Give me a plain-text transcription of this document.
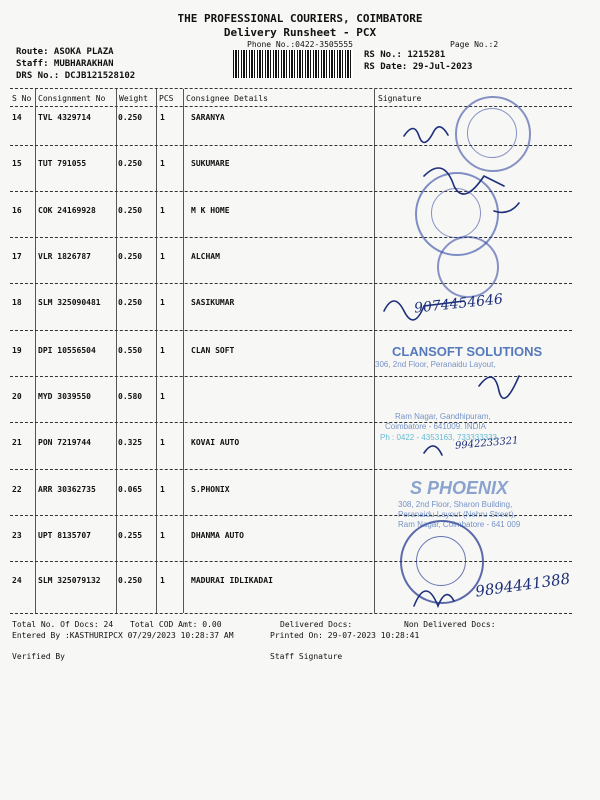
THE PROFESSIONAL COURIERS, COIMBATORE
Delivery Runsheet - PCX
Phone No.:0422-3505555	Page No.:2
Route: ASOKA PLAZA
Staff: MUBHARAKHAN
DRS No.: DCJB121528102
RS No.: 1215281
RS Date: 29-Jul-2023
S No Consignment No Weight PCS Consignee Details	Signature
14 TVL 4329714	0.250 1	SARANYA
15 TUT 791055	0.250 1	SUKUMARE
16 COK 24169928	0.250 1	M K HOME
17 VLR 1826787	0.250 1	ALCHAM
18 SLM 325090481 0.250 1	SASIKUMAR
19 DPI 10556504	0.550 1	CLAN SOFT
20 MYD 3039550	0.580 1
21 PON 7219744	0.325 1	KOVAI AUTO
22 ARR 30362735	0.065 1	S.PHONIX
23 UPT 8135707	0.255 1	DHANMA AUTO
24 SLM 325079132 0.250 1	MADURAI IDLIKADAI
CLANSOFT SOLUTIONS
306, 2nd Floor, Peranaidu Layout,
Ram Nagar, Gandhipuram,
Coimbatore - 641009. INDIA
Ph : 0422 - 4353163, 733333333
S PHOENIX
308, 2nd Floor, Sharon Building,
Peranaidu Layout (Nehru Street),
Ram Nagar, Coimbatore - 641 009
9074454646
9942233321
9894441388
Total No. Of Docs: 24 Total COD Amt: 0.00	Delivered Docs:	Non Delivered Docs:
Entered By :KASTHURIPCX 07/29/2023 10:28:37 AM	Printed On: 29-07-2023 10:28:41
Verified By	Staff Signature
